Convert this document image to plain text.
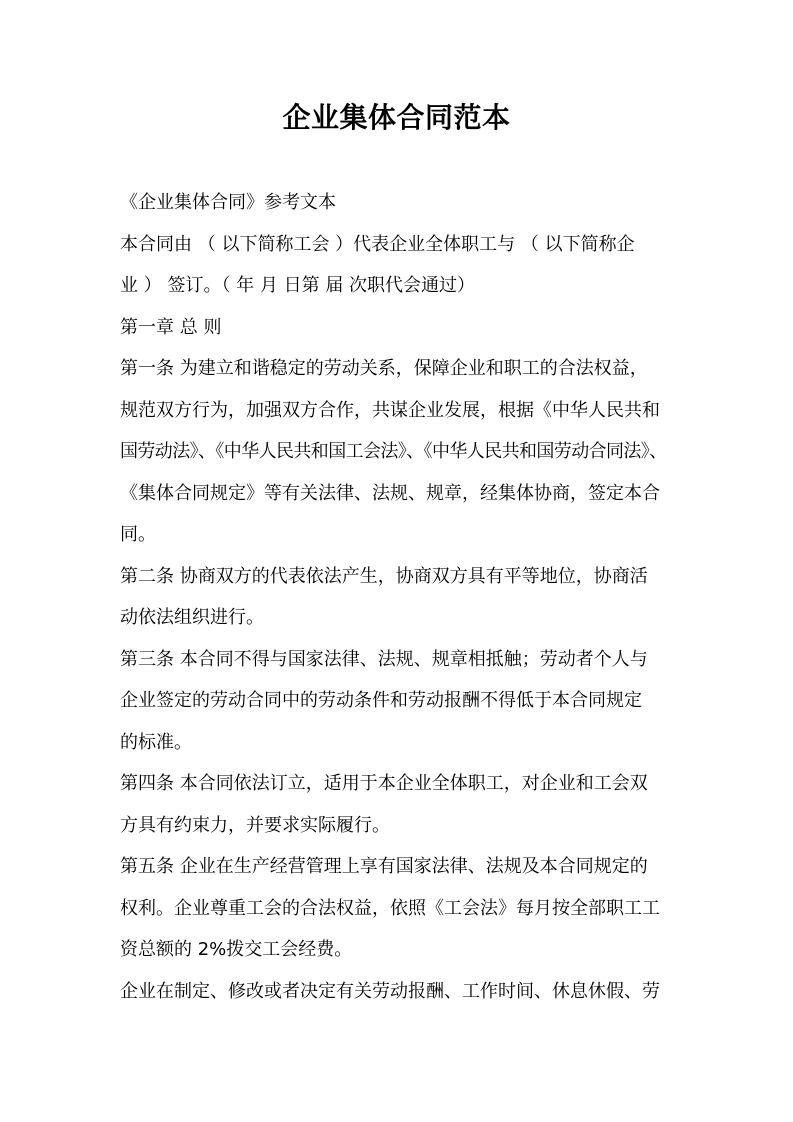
企业集体合同范本
《企业集体合同》参考文本
本合同由 （ 以下简称工会 ）代表企业全体职工与 （ 以下简称企
业 ） 签订。（ 年 月 日第 届 次职代会通过）
第一章 总 则
第一条 为建立和谐稳定的劳动关系，保障企业和职工的合法权益，
规范双方行为，加强双方合作，共谋企业发展，根据《中华人民共和
国劳动法》、《中华人民共和国工会法》、《中华人民共和国劳动合同法》、
《集体合同规定》等有关法律、法规、规章，经集体协商，签定本合
同。
第二条 协商双方的代表依法产生，协商双方具有平等地位，协商活
动依法组织进行。
第三条 本合同不得与国家法律、法规、规章相抵触；劳动者个人与
企业签定的劳动合同中的劳动条件和劳动报酬不得低于本合同规定
的标准。
第四条 本合同依法订立，适用于本企业全体职工，对企业和工会双
方具有约束力，并要求实际履行。
第五条 企业在生产经营管理上享有国家法律、法规及本合同规定的
权利。企业尊重工会的合法权益，依照《工会法》每月按全部职工工
资总额的 2%拨交工会经费。
企业在制定、修改或者决定有关劳动报酬、工作时间、休息休假、劳
